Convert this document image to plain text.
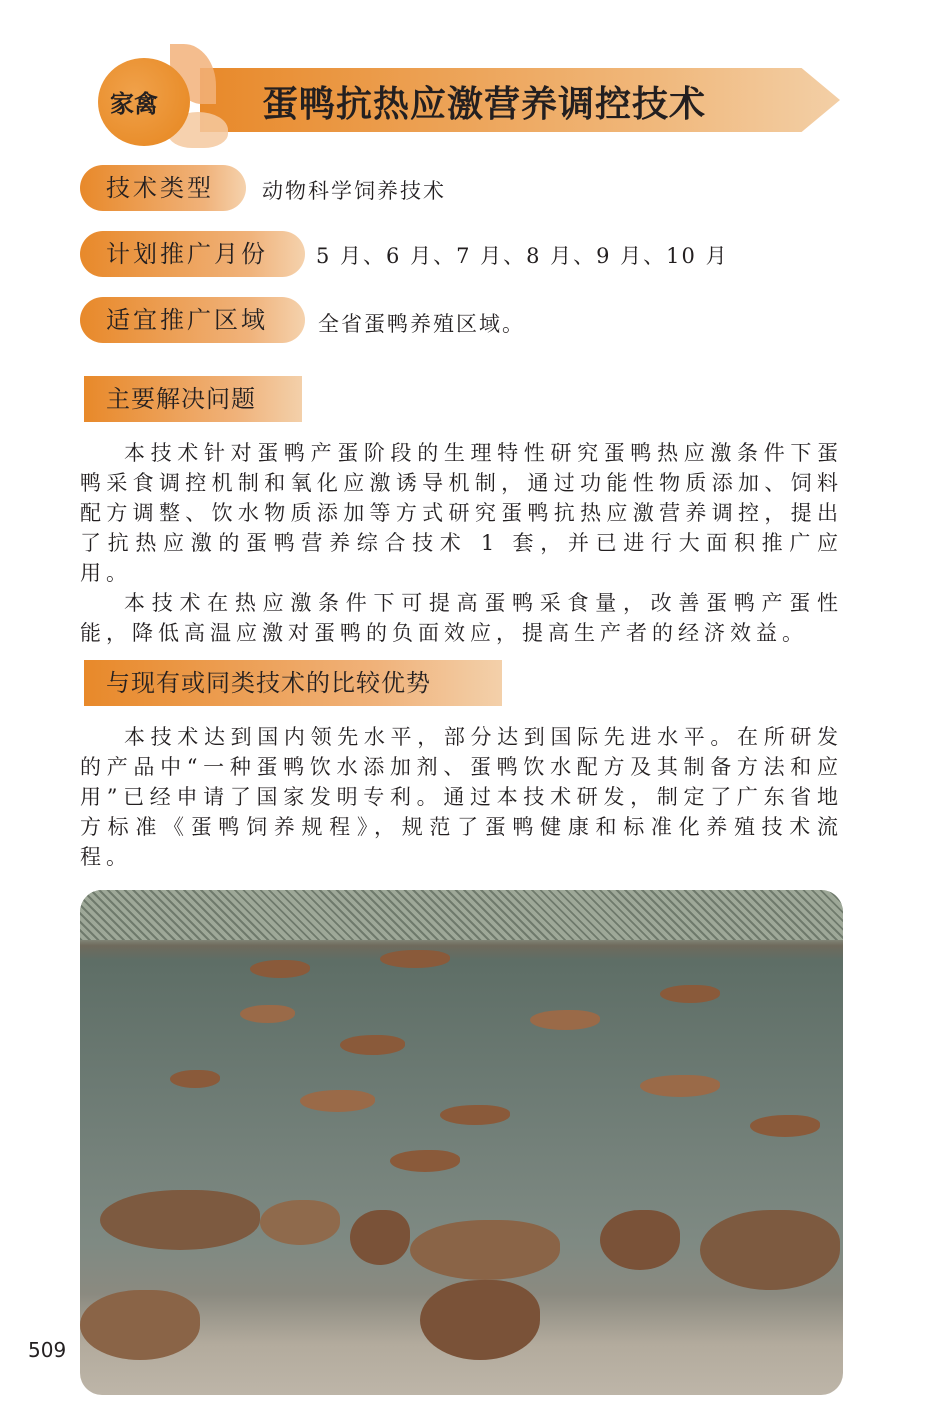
家禽	蛋鸭抗热应激营养调控技术
技术类型	动物科学饲养技术
计划推广月份	5 月、6 月、7 月、8 月、9 月、10 月
适宜推广区域	全省蛋鸭养殖区域。
主要解决问题

本技术针对蛋鸭产蛋阶段的生理特性研究蛋鸭热应激条件下蛋鸭采食调控机制和氧化应激诱导机制，通过功能性物质添加、饲料配方调整、饮水物质添加等方式研究蛋鸭抗热应激营养调控，提出了抗热应激的蛋鸭营养综合技术 1 套，并已进行大面积推广应用。

本技术在热应激条件下可提高蛋鸭采食量，改善蛋鸭产蛋性能，降低高温应激对蛋鸭的负面效应，提高生产者的经济效益。

与现有或同类技术的比较优势

本技术达到国内领先水平，部分达到国际先进水平。在所研发的产品中“一种蛋鸭饮水添加剂、蛋鸭饮水配方及其制备方法和应用”已经申请了国家发明专利。通过本技术研发，制定了广东省地方标准《蛋鸭饲养规程》，规范了蛋鸭健康和标准化养殖技术流程。

509
